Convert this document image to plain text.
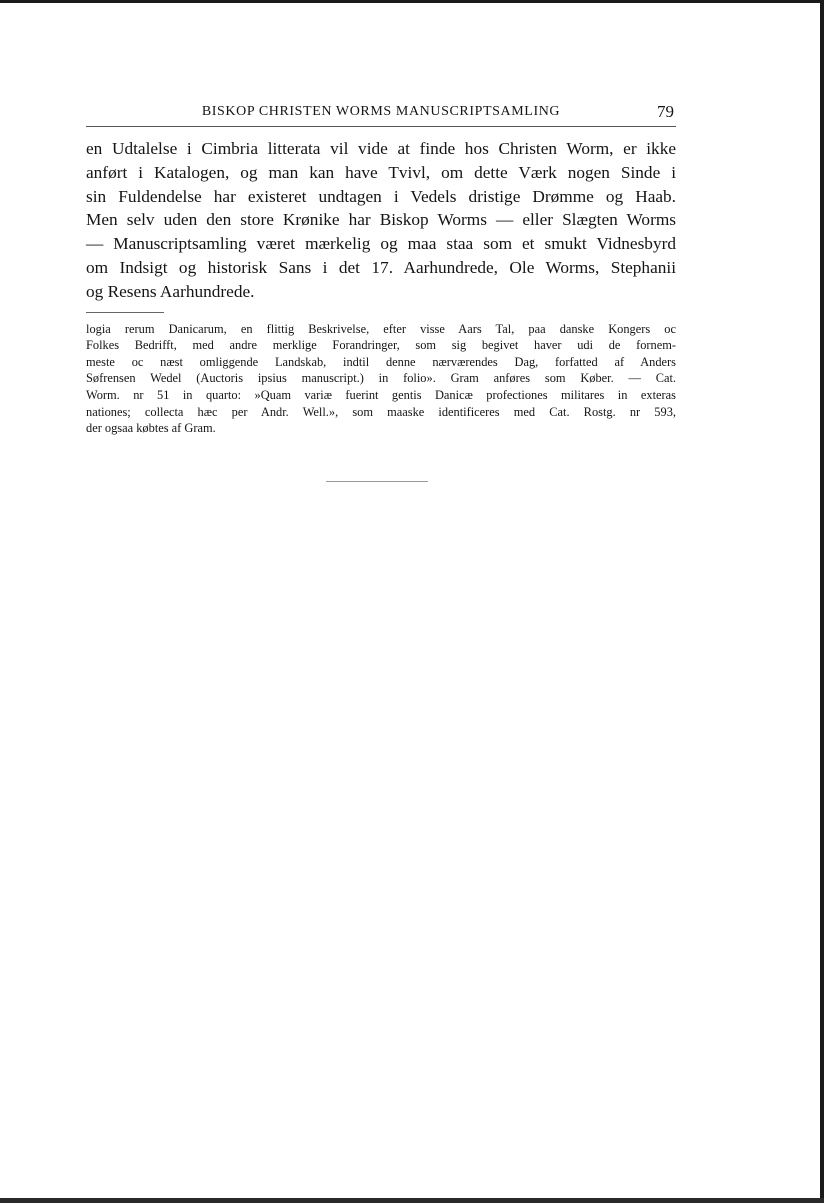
BISKOP CHRISTEN WORMS MANUSCRIPTSAMLING	79
en Udtalelse i Cimbria litterata vil vide at finde hos Christen Worm, er ikke
anført i Katalogen, og man kan have Tvivl, om dette Værk nogen Sinde i
sin Fuldendelse har existeret undtagen i Vedels dristige Drømme og Haab.
Men selv uden den store Krønike har Biskop Worms — eller Slægten Worms
— Manuscriptsamling været mærkelig og maa staa som et smukt Vidnesbyrd
om Indsigt og historisk Sans i det 17. Aarhundrede, Ole Worms, Stephanii
og Resens Aarhundrede.
logia rerum Danicarum, en flittig Beskrivelse, efter visse Aars Tal, paa danske Kongers oc
Folkes Bedrifft, med andre merklige Forandringer, som sig begivet haver udi de fornem-
meste oc næst omliggende Landskab, indtil denne nærværendes Dag, forfatted af Anders
Søfrensen Wedel (Auctoris ipsius manuscript.) in folio». Gram anføres som Køber. — Cat.
Worm. nr 51 in quarto: »Quam variæ fuerint gentis Danicæ profectiones militares in exteras
nationes; collecta hæc per Andr. Well.», som maaske identificeres med Cat. Rostg. nr 593,
der ogsaa købtes af Gram.
